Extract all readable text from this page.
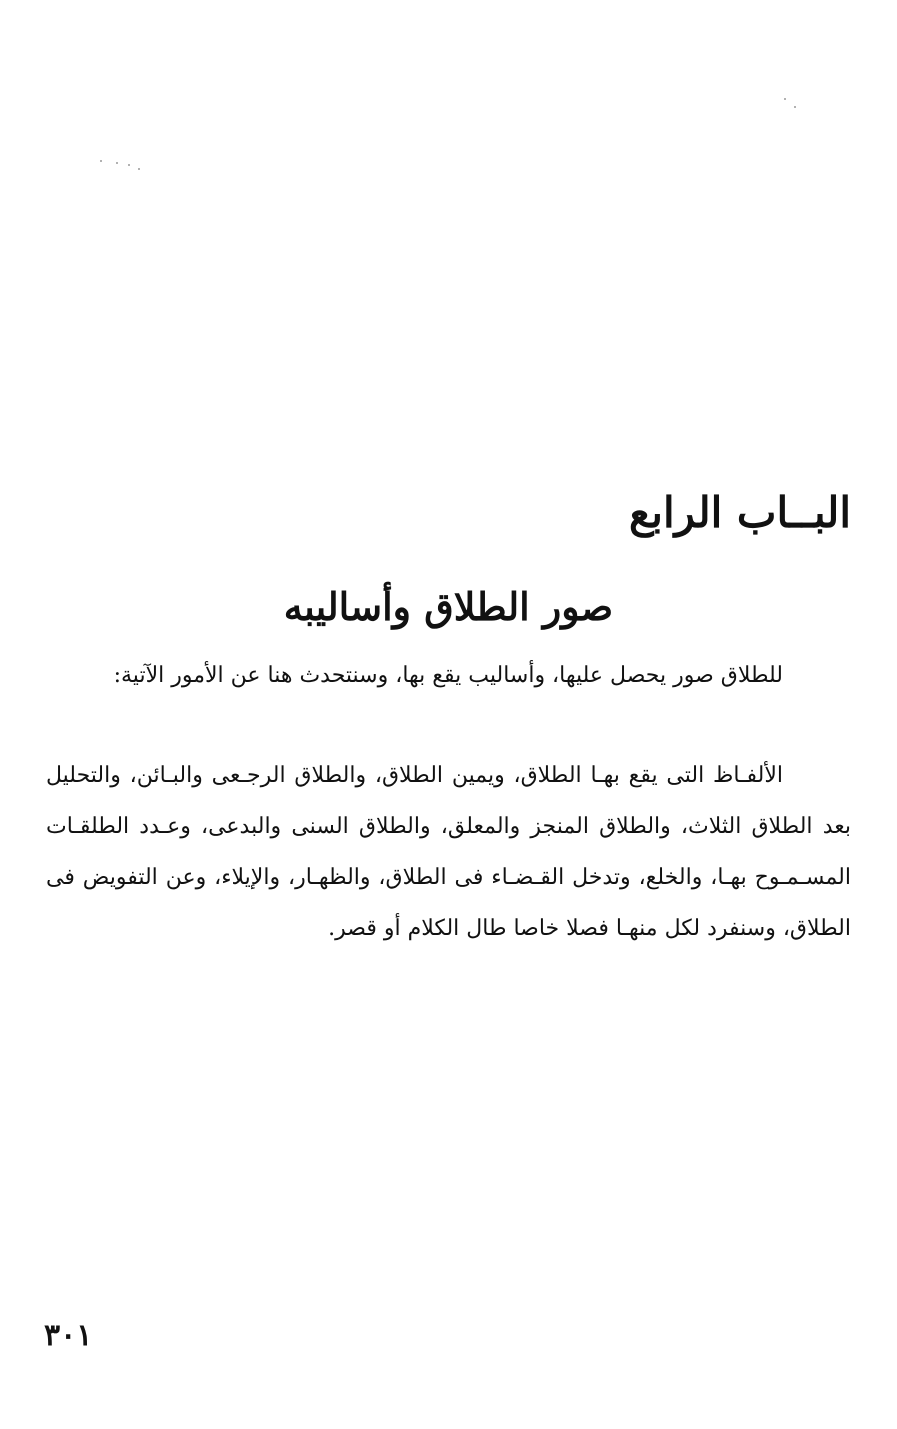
البــاب الرابع
صور الطلاق وأساليبه

للطلاق صور يحصل عليها، وأساليب يقع بها، وسنتحدث هنا عن الأمور الآتية:

الألفـاظ التى يقع بهـا الطلاق، ويمين الطلاق، والطلاق الرجـعى والبـائن، والتحليل بعد الطلاق الثلاث، والطلاق المنجز والمعلق، والطلاق السنى والبدعى، وعـدد الطلقـات المسـمـوح بهـا، والخلع، وتدخل القـضـاء فى الطلاق، والظهـار، والإيلاء، وعن التفويض فى الطلاق، وسنفرد لكل منهـا فصلا خاصا طال الكلام أو قصر.

٣٠١
